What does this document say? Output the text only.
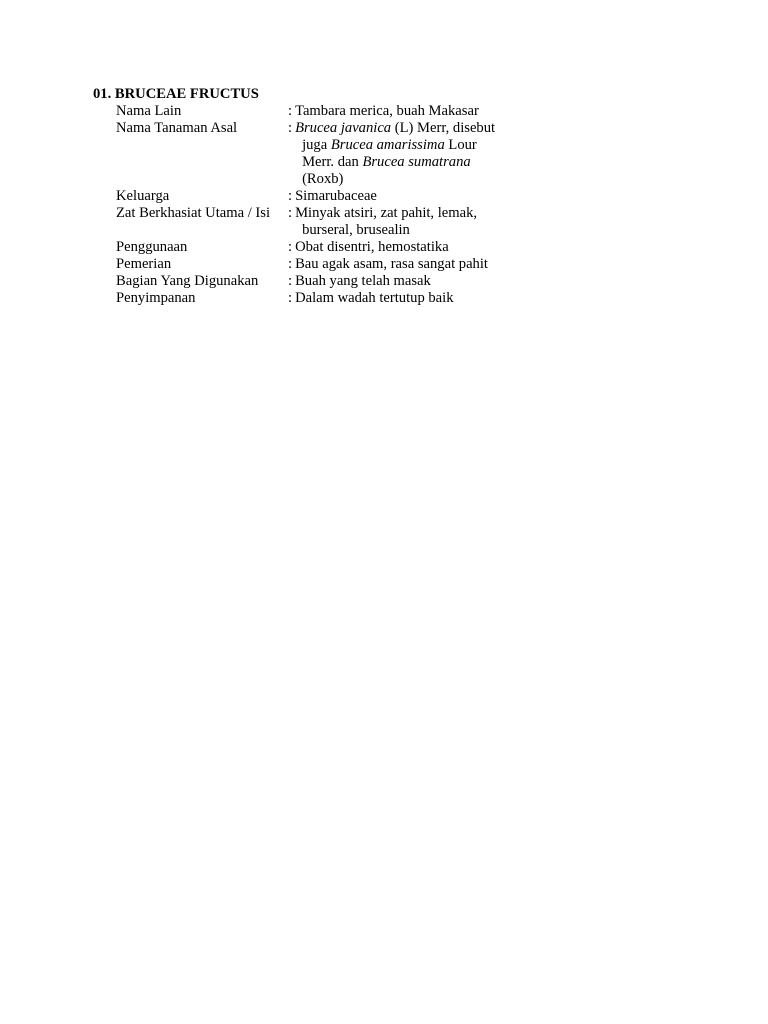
01. BRUCEAE FRUCTUS
Nama Lain	: Tambara merica, buah Makasar
Nama Tanaman Asal	: Brucea javanica (L) Merr, disebut
juga Brucea amarissima Lour
Merr. dan Brucea sumatrana
(Roxb)
Keluarga	: Simarubaceae
Zat Berkhasiat Utama / Isi	: Minyak atsiri, zat pahit, lemak,
burseral, brusealin
Penggunaan	: Obat disentri, hemostatika
Pemerian	: Bau agak asam, rasa sangat pahit
Bagian Yang Digunakan	: Buah yang telah masak
Penyimpanan	: Dalam wadah tertutup baik
